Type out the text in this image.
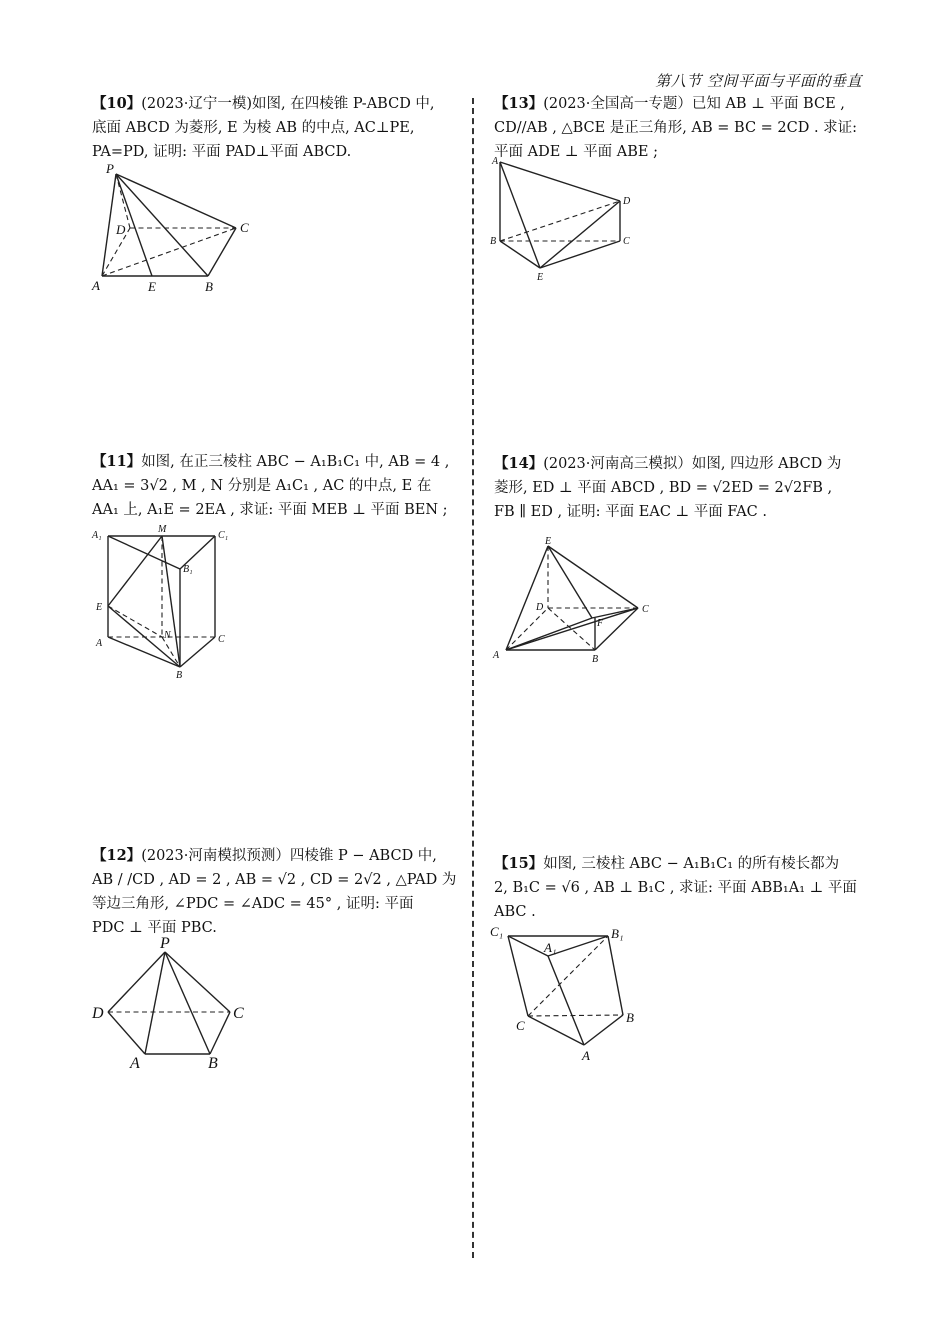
第八节 空间平面与平面的垂直
【10】(2023·辽宁一模)如图, 在四棱锥 P-ABCD 中,
底面 ABCD 为菱形, E 为棱 AB 的中点, AC⊥PE,
PA=PD, 证明: 平面 PAD⊥平面 ABCD.
P
D	C
A	E	B
【11】如图, 在正三棱柱 ABC − A₁B₁C₁ 中, AB = 4 ,
AA₁ = 3√2 , M , N 分别是 A₁C₁ , AC 的中点, E 在
AA₁ 上, A₁E = 2EA , 求证: 平面 MEB ⊥ 平面 BEN ;
A₁
M
C₁
B₁
E
A
N	C
B
【12】(2023·河南模拟预测）四棱锥 P − ABCD 中,
AB / /CD , AD = 2 , AB = √2 , CD = 2√2 , △PAD 为
等边三角形, ∠PDC = ∠ADC = 45° , 证明: 平面
PDC ⊥ 平面 PBC.
P
D	C
A	B
【13】(2023·全国高一专题）已知 AB ⊥ 平面 BCE ,
CD//AB , △BCE 是正三角形, AB = BC = 2CD . 求证:
平面 ADE ⊥ 平面 ABE ;
A
D
B	C
E
【14】(2023·河南高三模拟）如图, 四边形 ABCD 为
菱形, ED ⊥ 平面 ABCD , BD = √2ED = 2√2FB ,
FB ∥ ED , 证明: 平面 EAC ⊥ 平面 FAC .
E
D	C
F
A	B
【15】如图, 三棱柱 ABC − A₁B₁C₁ 的所有棱长都为
2, B₁C = √6 , AB ⊥ B₁C , 求证: 平面 ABB₁A₁ ⊥ 平面
ABC .
C₁	B₁
A₁
C
B
A
